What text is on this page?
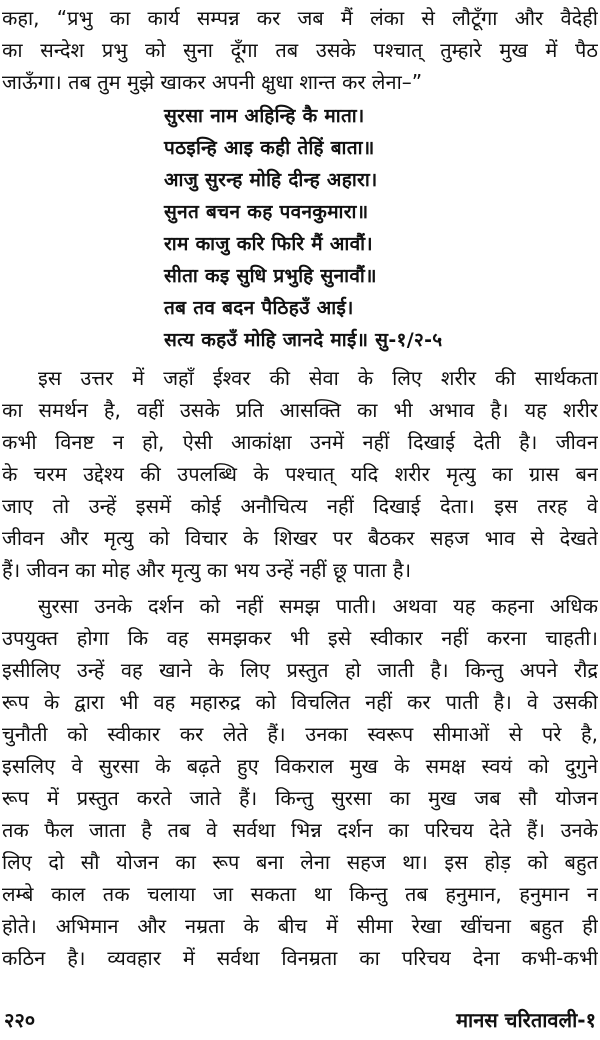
कहा, “प्रभु का कार्य सम्पन्न कर जब मैं लंका से लौटूँगा और वैदेही
का सन्देश प्रभु को सुना दूँगा तब उसके पश्चात् तुम्हारे मुख में पैठ
जाऊँगा। तब तुम मुझे खाकर अपनी क्षुधा शान्त कर लेना–”
सुरसा नाम अहिन्हि कै माता।
पठइन्हि आइ कही तेहिं बाता॥
आजु सुरन्ह मोहि दीन्ह अहारा।
सुनत बचन कह पवनकुमारा॥
राम काजु करि फिरि मैं आवौं।
सीता कइ सुधि प्रभुहि सुनावौं॥
तब तव बदन पैठिहउँ आई।
सत्य कहउँ मोहि जानदे माई॥ सु-१/२-५
इस उत्तर में जहाँ ईश्वर की सेवा के लिए शरीर की सार्थकता
का समर्थन है, वहीं उसके प्रति आसक्ति का भी अभाव है। यह शरीर
कभी विनष्ट न हो, ऐसी आकांक्षा उनमें नहीं दिखाई देती है। जीवन
के चरम उद्देश्य की उपलब्धि के पश्चात् यदि शरीर मृत्यु का ग्रास बन
जाए तो उन्हें इसमें कोई अनौचित्य नहीं दिखाई देता। इस तरह वे
जीवन और मृत्यु को विचार के शिखर पर बैठकर सहज भाव से देखते
हैं। जीवन का मोह और मृत्यु का भय उन्हें नहीं छू पाता है।
सुरसा उनके दर्शन को नहीं समझ पाती। अथवा यह कहना अधिक
उपयुक्त होगा कि वह समझकर भी इसे स्वीकार नहीं करना चाहती।
इसीलिए उन्हें वह खाने के लिए प्रस्तुत हो जाती है। किन्तु अपने रौद्र
रूप के द्वारा भी वह महारुद्र को विचलित नहीं कर पाती है। वे उसकी
चुनौती को स्वीकार कर लेते हैं। उनका स्वरूप सीमाओं से परे है,
इसलिए वे सुरसा के बढ़ते हुए विकराल मुख के समक्ष स्वयं को दुगुने
रूप में प्रस्तुत करते जाते हैं। किन्तु सुरसा का मुख जब सौ योजन
तक फैल जाता है तब वे सर्वथा भिन्न दर्शन का परिचय देते हैं। उनके
लिए दो सौ योजन का रूप बना लेना सहज था। इस होड़ को बहुत
लम्बे काल तक चलाया जा सकता था किन्तु तब हनुमान, हनुमान न
होते। अभिमान और नम्रता के बीच में सीमा रेखा खींचना बहुत ही
कठिन है। व्यवहार में सर्वथा विनम्रता का परिचय देना कभी-कभी
२२०	मानस चरितावली-१
